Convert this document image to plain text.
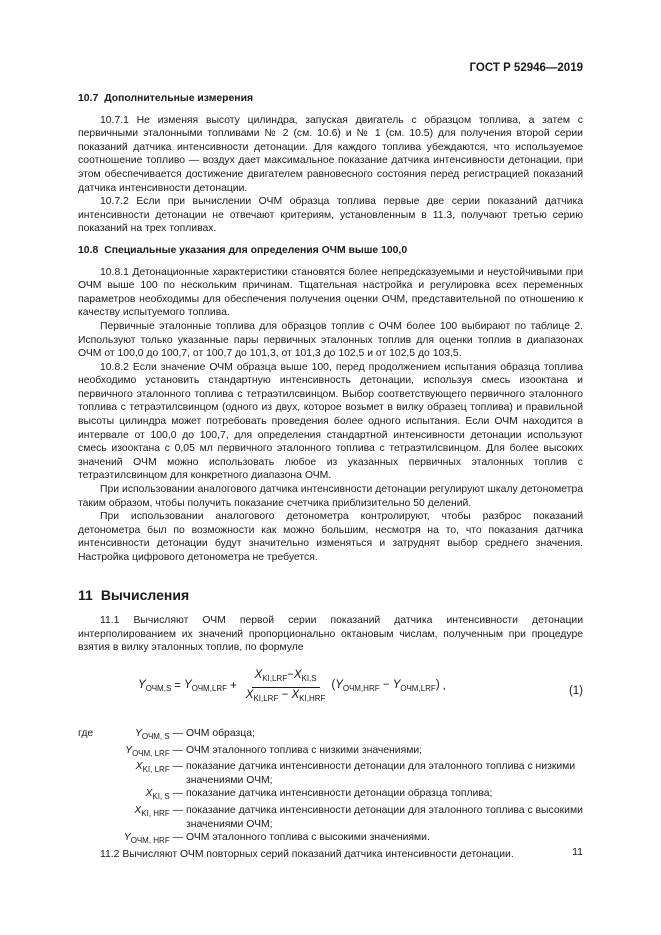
ГОСТ Р 52946—2019
10.7 Дополнительные измерения

10.7.1 Не изменяя высоту цилиндра, запуская двигатель с образцом топлива, а затем с первичными эталонными топливами № 2 (см. 10.6) и № 1 (см. 10.5) для получения второй серии показаний датчика интенсивности детонации. Для каждого топлива убеждаются, что используемое соотношение топливо — воздух дает максимальное показание датчика интенсивности детонации, при этом обеспечивается достижение двигателем равновесного состояния перед регистрацией показаний датчика интенсивности детонации.

10.7.2 Если при вычислении ОЧМ образца топлива первые две серии показаний датчика интенсивности детонации не отвечают критериям, установленным в 11.3, получают третью серию показаний на трех топливах.

10.8 Специальные указания для определения ОЧМ выше 100,0

10.8.1 Детонационные характеристики становятся более непредсказуемыми и неустойчивыми при ОЧМ выше 100 по нескольким причинам. Тщательная настройка и регулировка всех переменных параметров необходимы для обеспечения получения оценки ОЧМ, представительной по отношению к качеству испытуемого топлива.

Первичные эталонные топлива для образцов топлив с ОЧМ более 100 выбирают по таблице 2. Используют только указанные пары первичных эталонных топлив для оценки топлив в диапазонах ОЧМ от 100,0 до 100,7, от 100,7 до 101,3, от 101,3 до 102,5 и от 102,5 до 103,5.

10.8.2 Если значение ОЧМ образца выше 100, перед продолжением испытания образца топлива необходимо установить стандартную интенсивность детонации, используя смесь изооктана и первичного эталонного топлива с тетраэтилсвинцом. Выбор соответствующего первичного эталонного топлива с тетраэтилсвинцом (одного из двух, которое возьмет в вилку образец топлива) и правильной высоты цилиндра может потребовать проведения более одного испытания. Если ОЧМ находится в интервале от 100,0 до 100,7, для определения стандартной интенсивности детонации используют смесь изооктана с 0,05 мл первичного эталонного топлива с тетраэтилсвинцом. Для более высоких значений ОЧМ можно использовать любое из указанных первичных эталонных топлив с тетраэтилсвинцом для конкретного диапазона ОЧМ.

При использовании аналогового датчика интенсивности детонации регулируют шкалу детонометра таким образом, чтобы получить показание счетчика приблизительно 50 делений.

При использовании аналогового детонометра контролируют, чтобы разброс показаний детонометра был по возможности как можно большим, несмотря на то, что показания датчика интенсивности детонации будут значительно изменяться и затруднят выбор среднего значения. Настройка цифрового детонометра не требуется.

11 Вычисления

11.1 Вычисляют ОЧМ первой серии показаний датчика интенсивности детонации интерполированием их значений пропорционально октановым числам, полученным при процедуре взятия в вилку эталонных топлив, по формуле

$Y_{ОЧМ,S} = Y_{ОЧМ,LRF} + \frac{X_{KI,LRF}-X_{KI,S}}{X_{KI,LRF} - X_{KI,HRF}} (Y_{ОЧМ,HRF} - Y_{ОЧМ,LRF})$ ,	(1)
где	$Y_{ОЧМ, S}$ — ОЧМ образца;
$Y_{ОЧМ, LRF}$ — ОЧМ эталонного топлива с низкими значениями;
$X_{KI, LRF}$ — показание датчика интенсивности детонации для эталонного топлива с низкими значениями ОЧМ;
$X_{KI, S}$ — показание датчика интенсивности детонации образца топлива;
$X_{KI, HRF}$ — показание датчика интенсивности детонации для эталонного топлива с высокими значениями ОЧМ;
$Y_{ОЧМ, HRF}$ — ОЧМ эталонного топлива с высокими значениями.

11.2 Вычисляют ОЧМ повторных серий показаний датчика интенсивности детонации.	11
